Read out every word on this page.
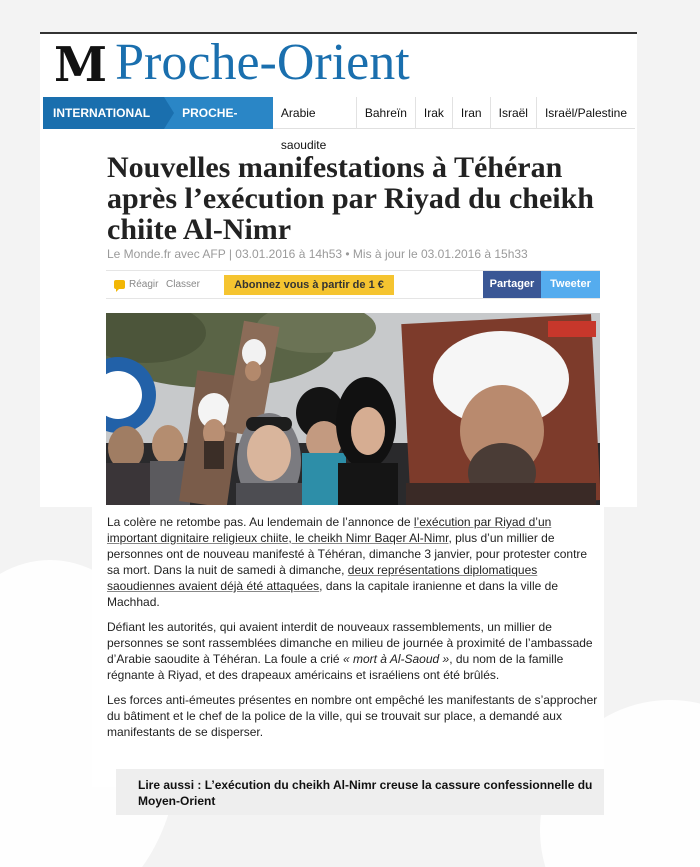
M Proche-Orient
INTERNATIONAL	PROCHE-ORIENT
Arabie saoudite
Bahreïn	Irak	Iran	Israël	Israël/Palestine
Nouvelles manifestations à Téhéran après l’exécution par Riyad du cheikh chiite Al-Nimr
Le Monde.fr avec AFP | 03.01.2016 à 14h53 • Mis à jour le 03.01.2016 à 15h33
Réagir Classer	Abonnez vous à partir de 1 €	Partager	Tweeter

La colère ne retombe pas. Au lendemain de l’annonce de l’exécution par Riyad d’un important dignitaire religieux chiite, le cheikh Nimr Baqer Al-Nimr, plus d’un millier de personnes ont de nouveau manifesté à Téhéran, dimanche 3 janvier, pour protester contre sa mort. Dans la nuit de samedi à dimanche, deux représentations diplomatiques saoudiennes avaient déjà été attaquées, dans la capitale iranienne et dans la ville de Machhad.

Défiant les autorités, qui avaient interdit de nouveaux rassemblements, un millier de personnes se sont rassemblées dimanche en milieu de journée à proximité de l’ambassade d’Arabie saoudite à Téhéran. La foule a crié « mort à Al-Saoud », du nom de la famille régnante à Riyad, et des drapeaux américains et israéliens ont été brûlés.

Les forces anti-émeutes présentes en nombre ont empêché les manifestants de s’approcher du bâtiment et le chef de la police de la ville, qui se trouvait sur place, a demandé aux manifestants de se disperser.

Lire aussi : L’exécution du cheikh Al-Nimr creuse la cassure confessionnelle du Moyen-Orient
